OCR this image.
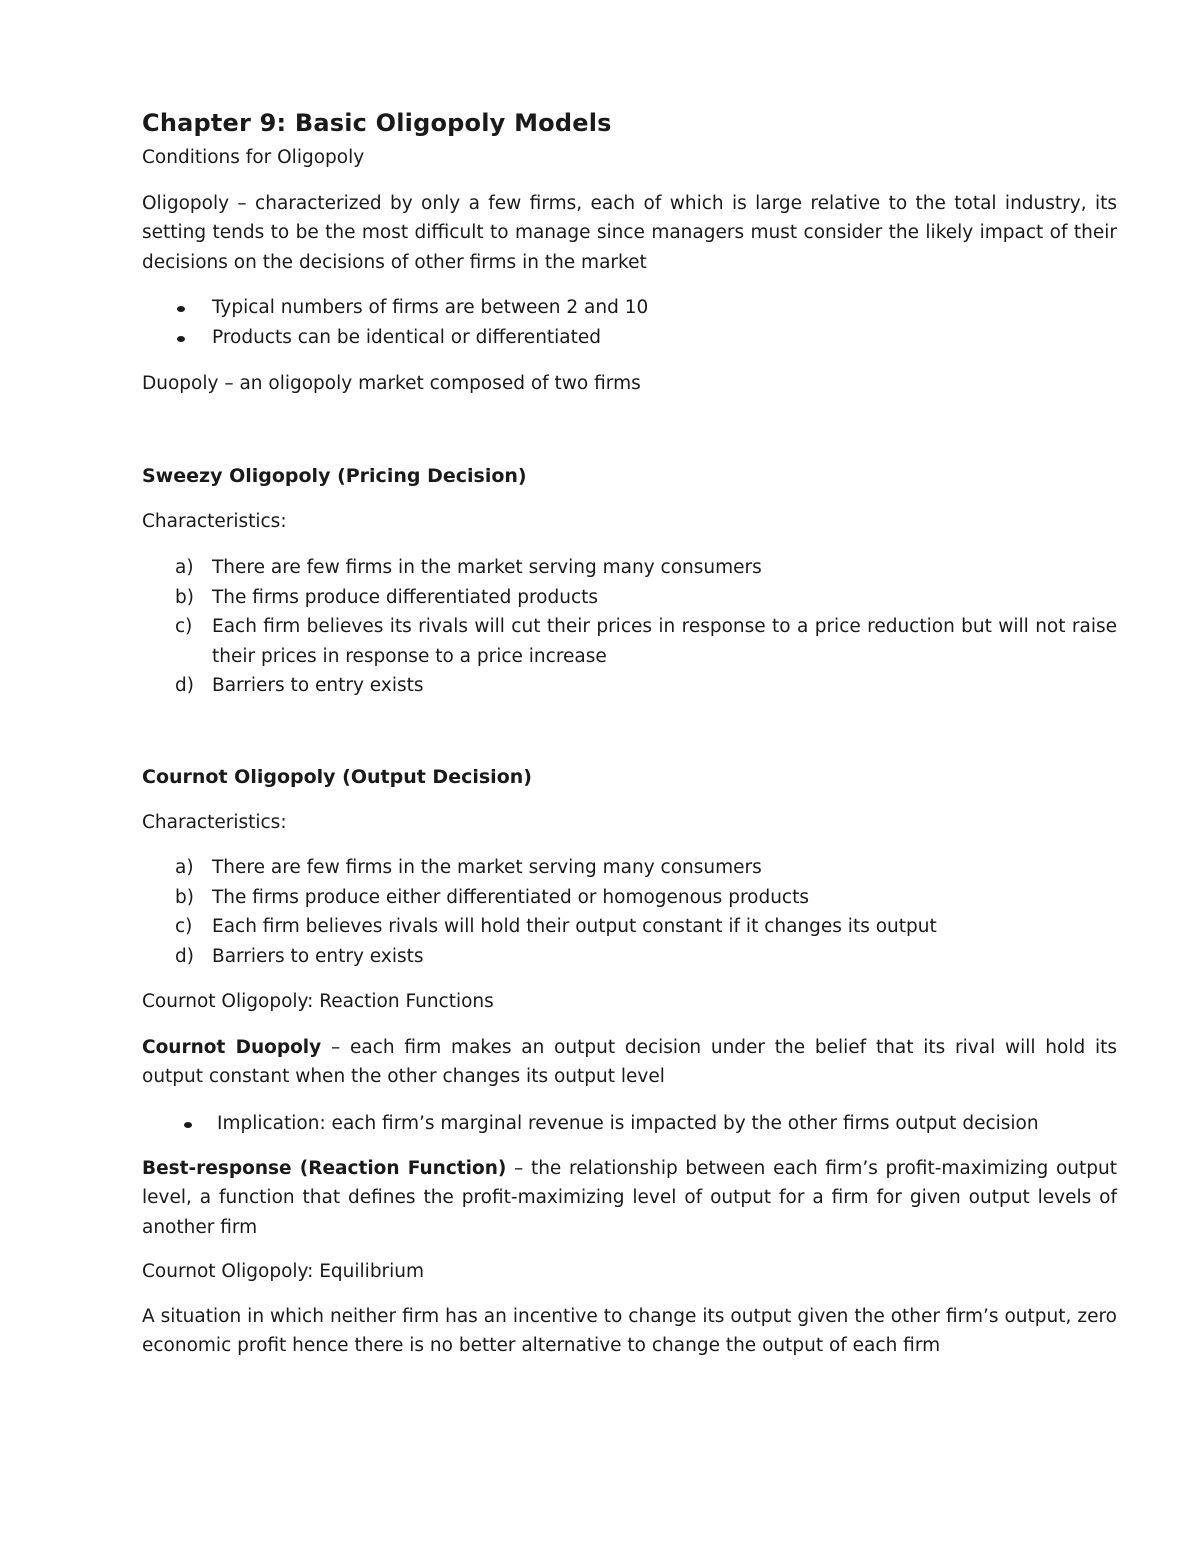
Chapter 9: Basic Oligopoly Models

Conditions for Oligopoly

Oligopoly – characterized by only a few firms, each of which is large relative to the total industry, its setting tends to be the most difficult to manage since managers must consider the likely impact of their decisions on the decisions of other firms in the market

Typical numbers of firms are between 2 and 10
Products can be identical or differentiated

Duopoly – an oligopoly market composed of two firms

Sweezy Oligopoly (Pricing Decision)

Characteristics:

a) There are few firms in the market serving many consumers
b) The firms produce differentiated products
c) Each firm believes its rivals will cut their prices in response to a price reduction but will not raise their prices in response to a price increase
d) Barriers to entry exists
Cournot Oligopoly (Output Decision)

Characteristics:

a) There are few firms in the market serving many consumers
b) The firms produce either differentiated or homogenous products
c) Each firm believes rivals will hold their output constant if it changes its output
d) Barriers to entry exists

Cournot Oligopoly: Reaction Functions

Cournot Duopoly – each firm makes an output decision under the belief that its rival will hold its output constant when the other changes its output level

Implication: each firm’s marginal revenue is impacted by the other firms output decision

Best-response (Reaction Function) – the relationship between each firm’s profit-maximizing output level, a function that defines the profit-maximizing level of output for a firm for given output levels of another firm

Cournot Oligopoly: Equilibrium

A situation in which neither firm has an incentive to change its output given the other firm’s output, zero economic profit hence there is no better alternative to change the output of each firm
